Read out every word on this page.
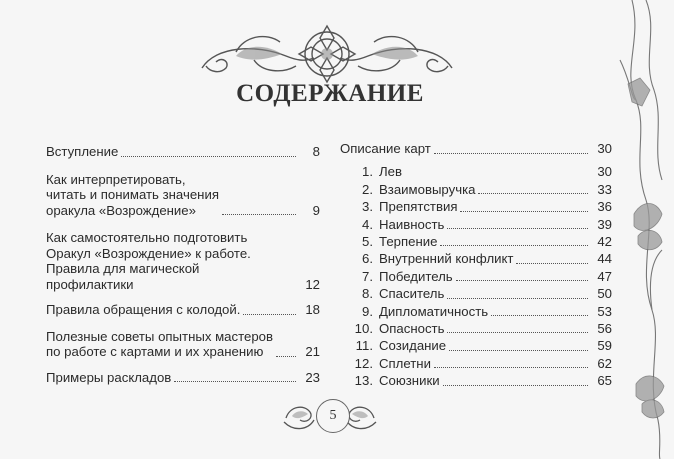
СОДЕРЖАНИЕ
Вступление	8
Как интерпретировать,
читать и понимать значения
оракула «Возрождение»	9
Как самостоятельно подготовить
Оракул «Возрождение» к работе.
Правила для магической
профилактики	12
Правила обращения с колодой.	18
Полезные советы опытных мастеров
по работе с картами и их хранению	21
Примеры раскладов	23
Описание карт	30
1. Лев	30
2. Взаимовыручка	33
3. Препятствия	36
4. Наивность	39
5. Терпение	42
6. Внутренний конфликт	44
7. Победитель	47
8. Спаситель	50
9. Дипломатичность	53
10. Опасность	56
11. Созидание	59
12. Сплетни	62
13. Союзники	65
5
